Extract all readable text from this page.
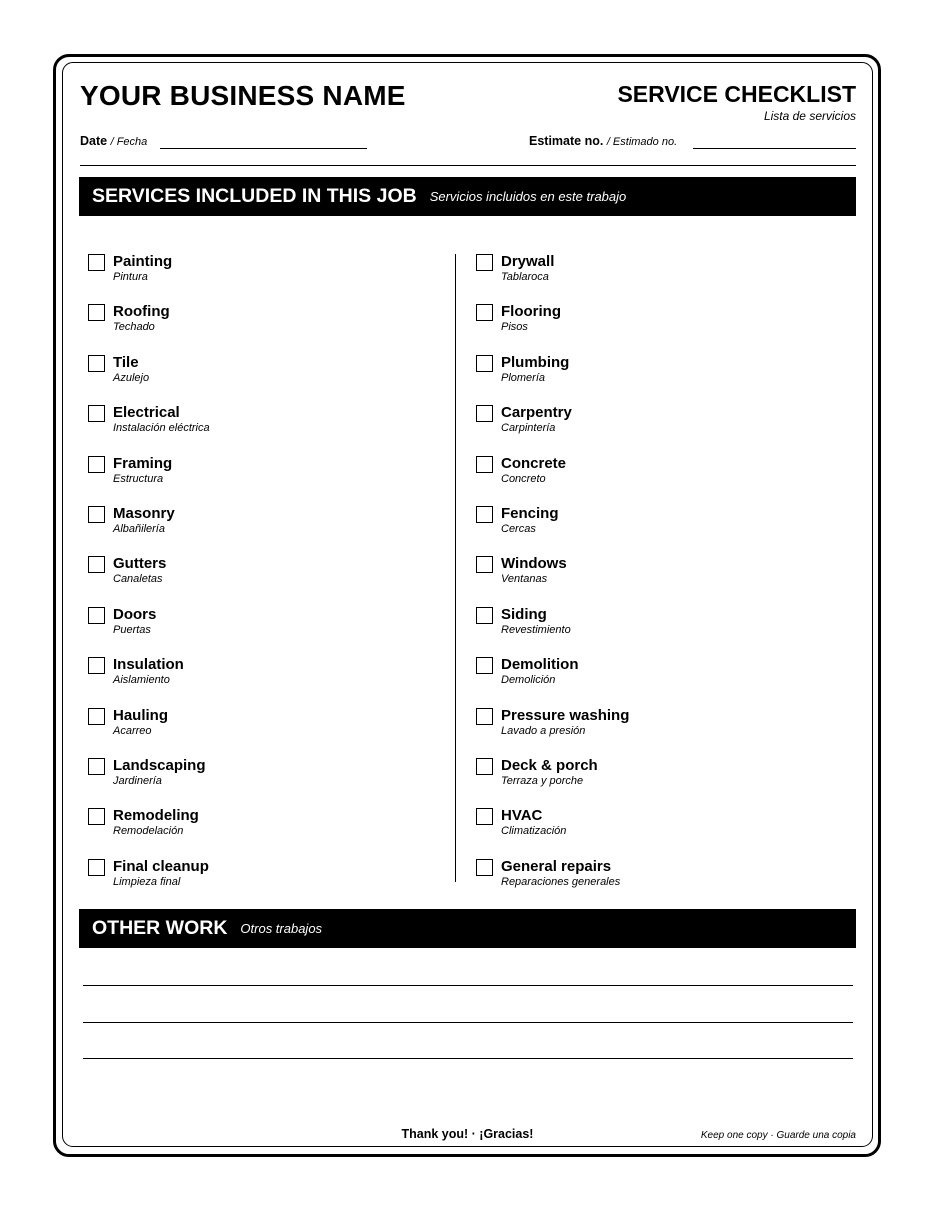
YOUR BUSINESS NAME	SERVICE CHECKLIST
Lista de servicios
Date / Fecha	Estimate no. / Estimado no.
SERVICES INCLUDED IN THIS JOB Servicios incluidos en este trabajo
Painting
Pintura
Roofing
Techado
Tile
Azulejo
Electrical
Instalación eléctrica
Framing
Estructura
Masonry
Albañilería
Gutters
Canaletas
Doors
Puertas
Insulation
Aislamiento
Hauling
Acarreo
Landscaping
Jardinería
Remodeling
Remodelación
Final cleanup
Limpieza final
Drywall
Tablaroca
Flooring
Pisos
Plumbing
Plomería
Carpentry
Carpintería
Concrete
Concreto
Fencing
Cercas
Windows
Ventanas
Siding
Revestimiento
Demolition
Demolición
Pressure washing
Lavado a presión
Deck & porch
Terraza y porche
HVAC
Climatización
General repairs
Reparaciones generales
OTHER WORK Otros trabajos
Thank you! · ¡Gracias!	Keep one copy · Guarde una copia
